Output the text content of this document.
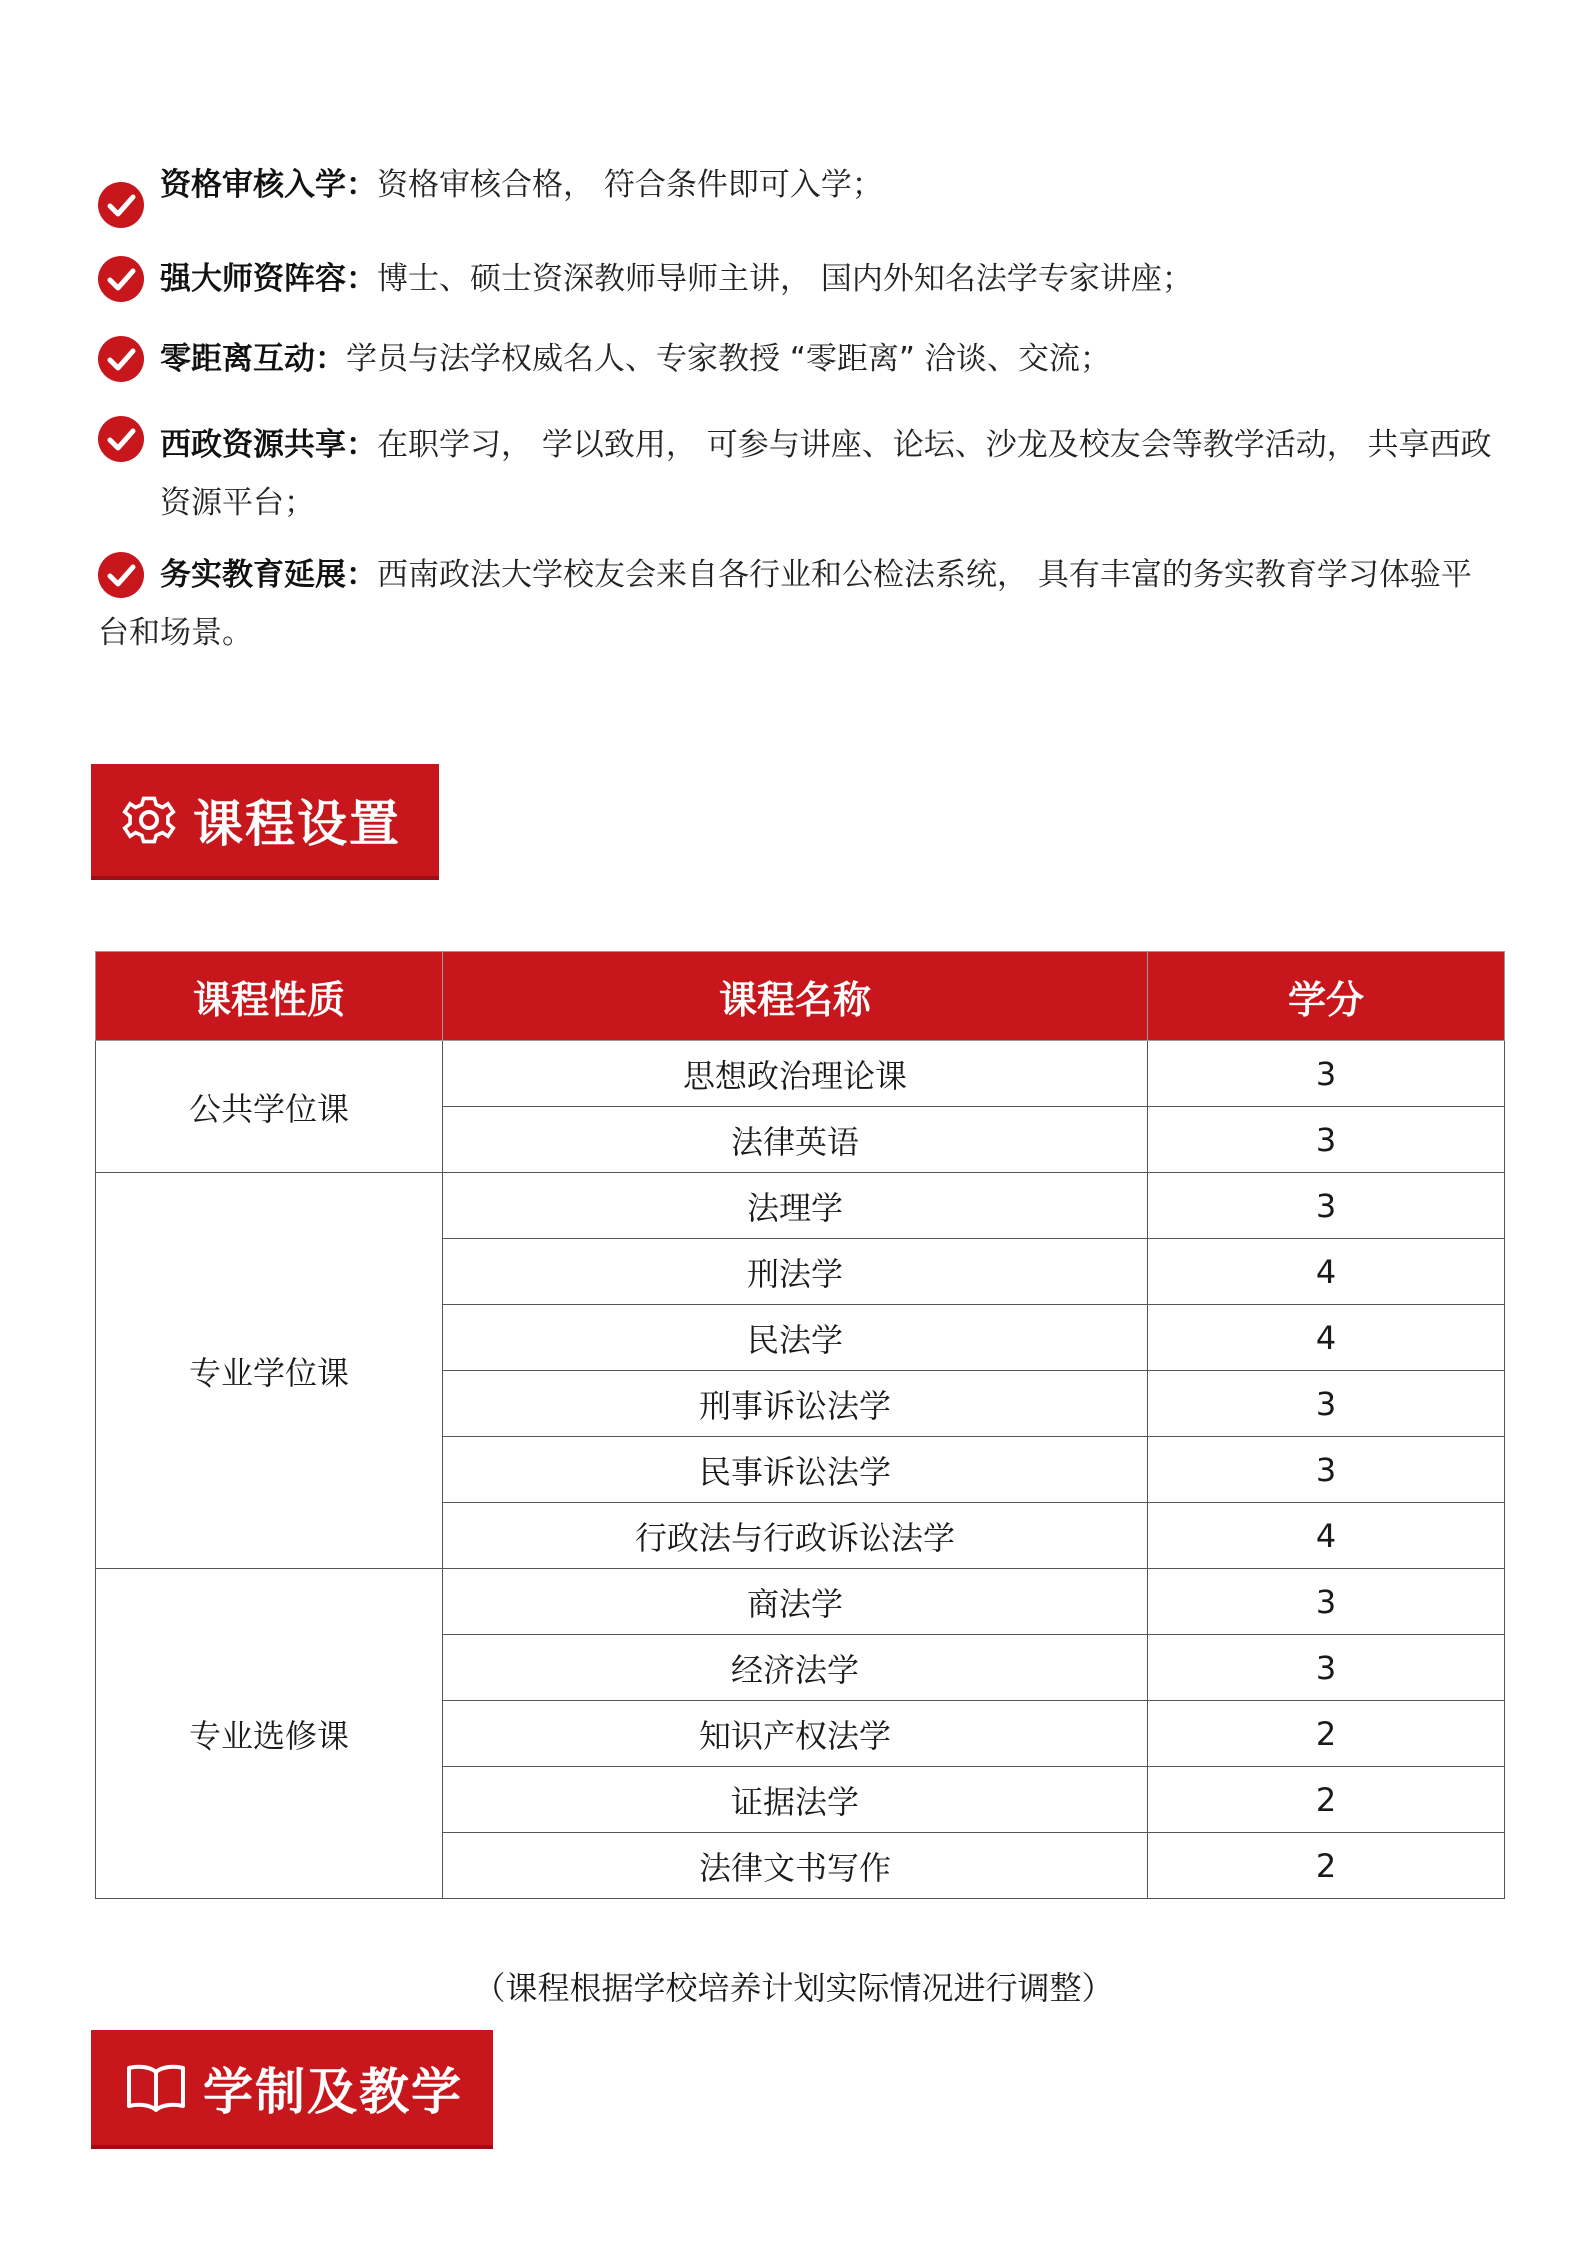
资格审核入学：资格审核合格， 符合条件即可入学；
强大师资阵容：博士、硕士资深教师导师主讲， 国内外知名法学专家讲座；
零距离互动：学员与法学权威名人、专家教授 “零距离” 洽谈、交流；
西政资源共享：在职学习， 学以致用， 可参与讲座、论坛、沙龙及校友会等教学活动， 共享西政
资源平台；
务实教育延展：西南政法大学校友会来自各行业和公检法系统， 具有丰富的务实教育学习体验平
台和场景。
课程设置
课程性质	课程名称	学分
公共学位课	思想政治理论课	3
	法律英语	3
专业学位课	法理学	3
	刑法学	4
	民法学	4
	刑事诉讼法学	3
	民事诉讼法学	3
	行政法与行政诉讼法学	4
专业选修课	商法学	3
	经济法学	3
	知识产权法学	2
	证据法学	2
	法律文书写作	2
（课程根据学校培养计划实际情况进行调整）
学制及教学
